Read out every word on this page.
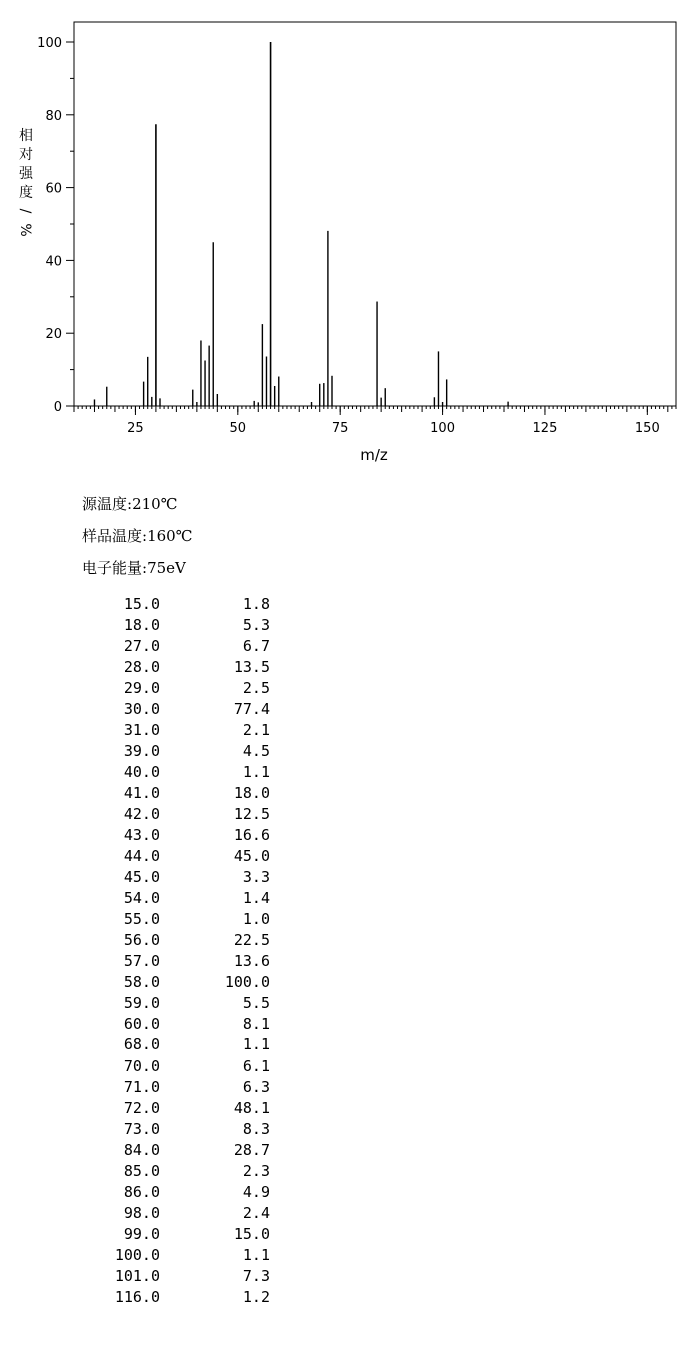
0
20
40
60
80
100
25	50	75	100	125	150
m/z
相
对
强
度
/
%
源温度:210℃
样品温度:160℃
电子能量:75eV
15.0	1.8
18.0	5.3
27.0	6.7
28.0	13.5
29.0	2.5
30.0	77.4
31.0	2.1
39.0	4.5
40.0	1.1
41.0	18.0
42.0	12.5
43.0	16.6
44.0	45.0
45.0	3.3
54.0	1.4
55.0	1.0
56.0	22.5
57.0	13.6
58.0	100.0
59.0	5.5
60.0	8.1
68.0	1.1
70.0	6.1
71.0	6.3
72.0	48.1
73.0	8.3
84.0	28.7
85.0	2.3
86.0	4.9
98.0	2.4
99.0	15.0
100.0	1.1
101.0	7.3
116.0	1.2
